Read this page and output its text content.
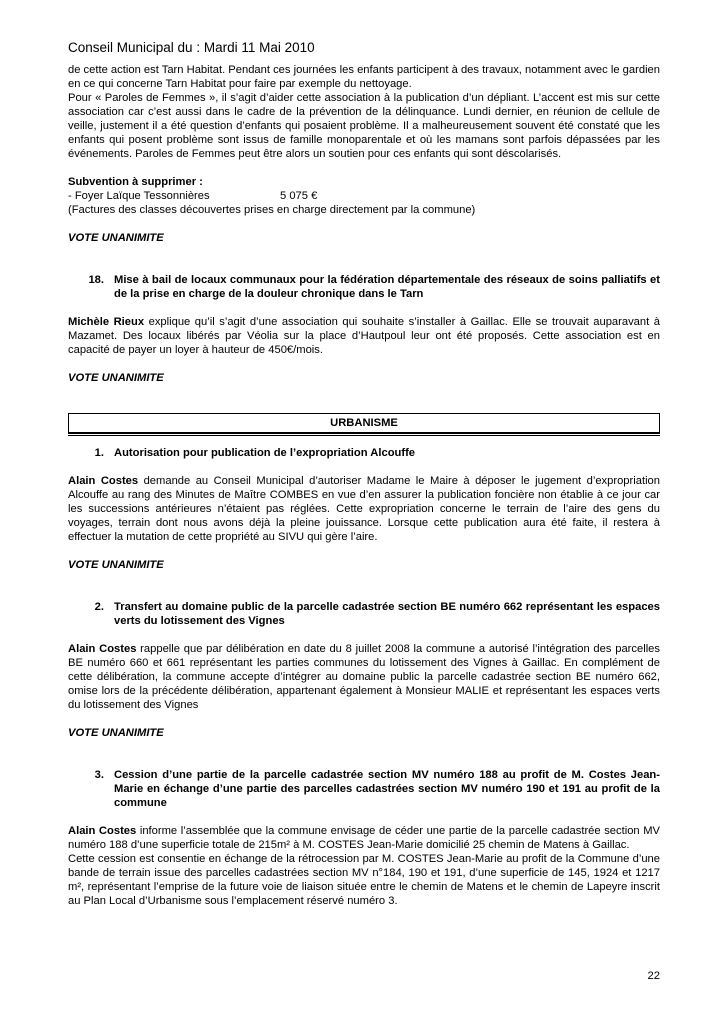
Conseil Municipal du : Mardi 11 Mai 2010

de cette action est Tarn Habitat. Pendant ces journées les enfants participent à des travaux, notamment avec le gardien en ce qui concerne Tarn Habitat pour faire par exemple du nettoyage.

Pour « Paroles de Femmes », il s’agit d’aider cette association à la publication d’un dépliant. L’accent est mis sur cette association car c’est aussi dans le cadre de la prévention de la délinquance. Lundi dernier, en réunion de cellule de veille, justement il a été question d’enfants qui posaient problème. Il a malheureusement souvent été constaté que les enfants qui posent problème sont issus de famille monoparentale et où les mamans sont parfois dépassées par les événements. Paroles de Femmes peut être alors un soutien pour ces enfants qui sont déscolarisés.

Subvention à supprimer :

- Foyer Laïque Tessonnières	5 075 €

(Factures des classes découvertes prises en charge directement par la commune)

VOTE UNANIMITE

18. Mise à bail de locaux communaux pour la fédération départementale des réseaux de soins palliatifs et de la prise en charge de la douleur chronique dans le Tarn

Michèle Rieux explique qu’il s’agit d’une association qui souhaite s’installer à Gaillac. Elle se trouvait auparavant à Mazamet. Des locaux libérés par Véolia sur la place d’Hautpoul leur ont été proposés. Cette association est en capacité de payer un loyer à hauteur de 450€/mois.

VOTE UNANIMITE

URBANISME
1. Autorisation pour publication de l’expropriation Alcouffe

Alain Costes demande au Conseil Municipal d’autoriser Madame le Maire à déposer le jugement d’expropriation Alcouffe au rang des Minutes de Maître COMBES en vue d’en assurer la publication foncière non établie à ce jour car les successions antérieures n’étaient pas réglées. Cette expropriation concerne le terrain de l’aire des gens du voyages, terrain dont nous avons déjà la pleine jouissance. Lorsque cette publication aura été faite, il restera à effectuer la mutation de cette propriété au SIVU qui gère l’aire.

VOTE UNANIMITE

2. Transfert au domaine public de la parcelle cadastrée section BE numéro 662 représentant les espaces verts du lotissement des Vignes

Alain Costes rappelle que par délibération en date du 8 juillet 2008 la commune a autorisé l’intégration des parcelles BE numéro 660 et 661 représentant les parties communes du lotissement des Vignes à Gaillac. En complément de cette délibération, la commune accepte d’intégrer au domaine public la parcelle cadastrée section BE numéro 662, omise lors de la précédente délibération, appartenant également à Monsieur MALIE et représentant les espaces verts du lotissement des Vignes

VOTE UNANIMITE

3. Cession d’une partie de la parcelle cadastrée section MV numéro 188 au profit de M. Costes Jean-Marie en échange d’une partie des parcelles cadastrées section MV numéro 190 et 191 au profit de la commune

Alain Costes informe l’assemblée que la commune envisage de céder une partie de la parcelle cadastrée section MV numéro 188 d’une superficie totale de 215m² à M. COSTES Jean-Marie domicilié 25 chemin de Matens à Gaillac.

Cette cession est consentie en échange de la rétrocession par M. COSTES Jean-Marie au profit de la Commune d’une bande de terrain issue des parcelles cadastrées section MV n°184, 190 et 191, d’une superficie de 145, 1924 et 1217 m², représentant l’emprise de la future voie de liaison située entre le chemin de Matens et le chemin de Lapeyre inscrit au Plan Local d’Urbanisme sous l’emplacement réservé numéro 3.

22
